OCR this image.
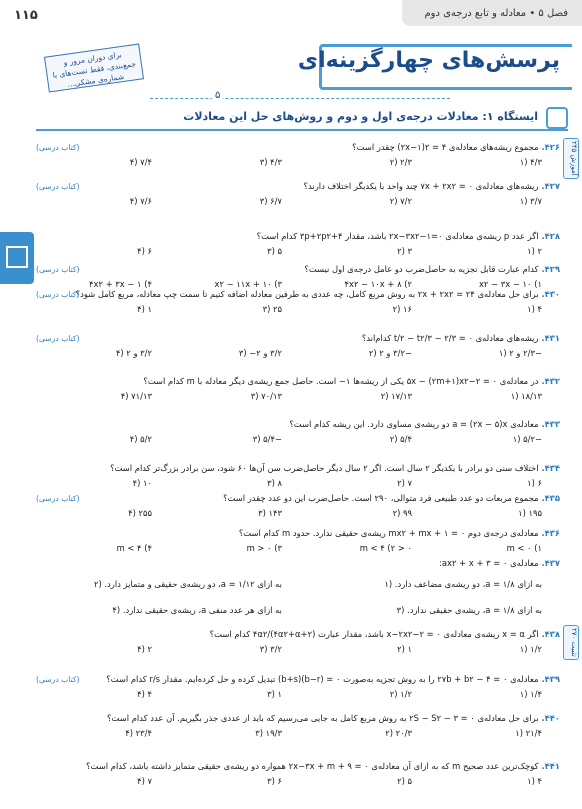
۱۱۵	فصل ۵ • معادله و تابع درجه‌ی دوم
پرسش‌های چهارگزینه‌ای
برای دوران مرور و جمع‌بندی، فقط تست‌های با شماره‌ی مشکی...
۵
ایستگاه ۱: معادلات درجه‌ی اول و دوم و روش‌های حل این معادلات
آموزش ۲۴۵
تثبیت ۲۷۰
۴۲۶. مجموع ریشه‌های معادله‌ی ۴ = ۲(۲x−۱) چقدر است؟
(کتاب درسی)
۴/۳ (۱
۲/۳ (۲
۴/۳ (۳
۷/۴ (۴
۴۲۷. ریشه‌های معادله‌ی ۰ = ۷x + ۲x۲ چند واحد با یکدیگر اختلاف دارند؟
(کتاب درسی)
۳/۷ (۱
۷/۲ (۲
۶/۷ (۳
۷/۶ (۴
۴۲۸. اگر عدد p ریشه‌ی معادله‌ی ۰=۱−۲x−۳x۲ باشد، مقدار ۴+۳p+۲p۲ کدام است؟
۲ (۱
۳ (۲
۵ (۳
۶ (۴
۴۲۹. کدام عبارت قابل تجزیه به حاصل‌ضرب دو عامل درجه‌ی اول نیست؟
(کتاب درسی)
x۲ − ۳x − ۱۰ (۱
۴x۲ − ۱۰x + ۸ (۲
x۲ − ۱۱x + ۱۰ (۳
۴x۲ + ۳x − ۱ (۴
۴۳۰. برای حل معادله‌ی ۲۴ = ۲x + ۲x۲ به روش مربع کامل، چه عددی به طرفین معادله اضافه کنیم تا سمت چپ معادله، مربع کامل شود؟
(کتاب درسی)
۴ (۱
۱۶ (۲
۲۵ (۳
۱ (۴
۴۳۱. ریشه‌های معادله‌ی ۰ = ۲/۳ − t/۲ − t۲/۳ کدام‌اند؟
(کتاب درسی)
−۲/۳ و ۲ (۱
−۳/۲ و ۲ (۲
۳/۲ و ۲− (۳
۳/۲ و ۲ (۴
۴۳۲. در معادله‌ی ۰ = ۲−۵x − (۲m+۱)x۲ یکی از ریشه‌ها ۱− است. حاصل جمع ریشه‌ی دیگر معادله با m کدام است؟
۱۸/۱۳ (۱
۱۷/۱۳ (۲
۷۰/۱۳ (۳
۷۱/۱۳ (۴
۴۳۳. معادله‌ی a = (۲x − ۵)x دو ریشه‌ی مساوی دارد. این ریشه کدام است؟
−۵/۲ (۱
۵/۴ (۲
−۵/۴ (۳
۵/۲ (۴
۴۳۴. اختلاف سنی دو برادر با یکدیگر ۲ سال است. اگر ۲ سال دیگر حاصل‌ضرب سن آن‌ها ۶۰ شود، سن برادر بزرگ‌تر کدام است؟
۶ (۱
۷ (۲
۸ (۳
۱۰ (۴
۴۳۵. مجموع مربعات دو عدد طبیعی فرد متوالی، ۲۹۰ است. حاصل‌ضرب این دو عدد چقدر است؟
(کتاب درسی)
۱۹۵ (۱
۹۹ (۲
۱۴۳ (۳
۲۵۵ (۴
۴۳۶. معادله‌ی درجه‌ی دوم ۰ = mx۲ + mx + ۱ ریشه‌ی حقیقی ندارد. حدود m کدام است؟
m < ۰ (۱
۰ < m < ۴ (۲
m > ۰ (۳
m < ۴ (۴
۴۳۷. معادله‌ی ۰ = ax۲ + x + ۳:
به ازای a = ۱/۸، دو ریشه‌ی مضاعف دارد. (۱
به ازای a = ۱/۱۲، دو ریشه‌ی حقیقی و متمایز دارد. (۲
به ازای a = ۱/۸، ریشه‌ی حقیقی ندارد. (۳
به ازای هر عدد منفی a، ریشه‌ی حقیقی ندارد. (۴
۴۳۸. اگر x = α ریشه‌ی معادله‌ی ۰ = ۲−x−۲x۲ باشد، مقدار عبارت ۴α۲/(۴α۲+α+۲) کدام است؟
۱/۲ (۱
۱ (۲
۳/۲ (۳
۲ (۴
۴۳۹. معادله‌ی ۰ = ۴ − ۲۷b + b۲ را به روش تجزیه به‌صورت ۰ = (b−r)(b+s) تبدیل کرده و حل کرده‌ایم. مقدار r/s کدام است؟
(کتاب درسی)
۱/۴ (۱
۱/۲ (۲
۱ (۳
۴ (۴
۴۴۰. برای حل معادله‌ی ۰ = ۳ − ۲S − S۲ به روش مربع کامل به جایی می‌رسیم که باید از عددی جذر بگیریم. آن عدد کدام است؟
۲۱/۴ (۱
۲۰/۳ (۲
۱۹/۳ (۳
۲۳/۴ (۴
۴۴۱. کوچک‌ترین عدد صحیح m که به ازای آن معادله‌ی ۰ = ۲x−۳x + m + ۹ همواره دو ریشه‌ی حقیقی متمایز داشته باشد، کدام است؟
۴ (۱
۵ (۲
۶ (۳
۷ (۴
